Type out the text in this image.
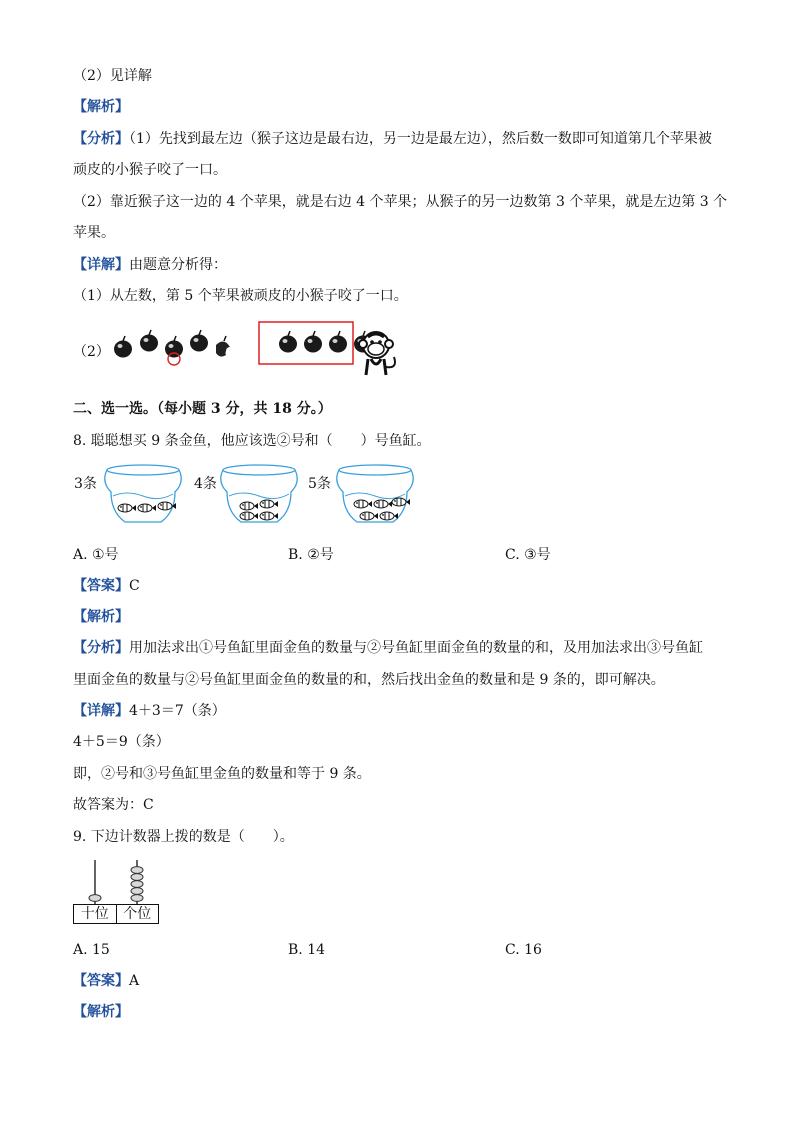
（2）见详解
【解析】
【分析】（1）先找到最左边（猴子这边是最右边，另一边是最左边），然后数一数即可知道第几个苹果被
顽皮的小猴子咬了一口。
（2）靠近猴子这一边的 4 个苹果，就是右边 4 个苹果；从猴子的另一边数第 3 个苹果，就是左边第 3 个
苹果。
【详解】由题意分析得：
（1）从左数，第 5 个苹果被顽皮的小猴子咬了一口。
（2）
二、选一选。（每小题 3 分，共 18 分。）
8. 聪聪想买 9 条金鱼，他应该选②号和（　　）号鱼缸。
3条	4条	5条
A. ①号	B. ②号	C. ③号
【答案】C
【解析】
【分析】用加法求出①号鱼缸里面金鱼的数量与②号鱼缸里面金鱼的数量的和，及用加法求出③号鱼缸
里面金鱼的数量与②号鱼缸里面金鱼的数量的和，然后找出金鱼的数量和是 9 条的，即可解决。
【详解】4＋3＝7（条）
4＋5＝9（条）
即，②号和③号鱼缸里金鱼的数量和等于 9 条。
故答案为：C
9. 下边计数器上拨的数是（　　）。
十位	个位
A. 15	B. 14	C. 16
【答案】A
【解析】
